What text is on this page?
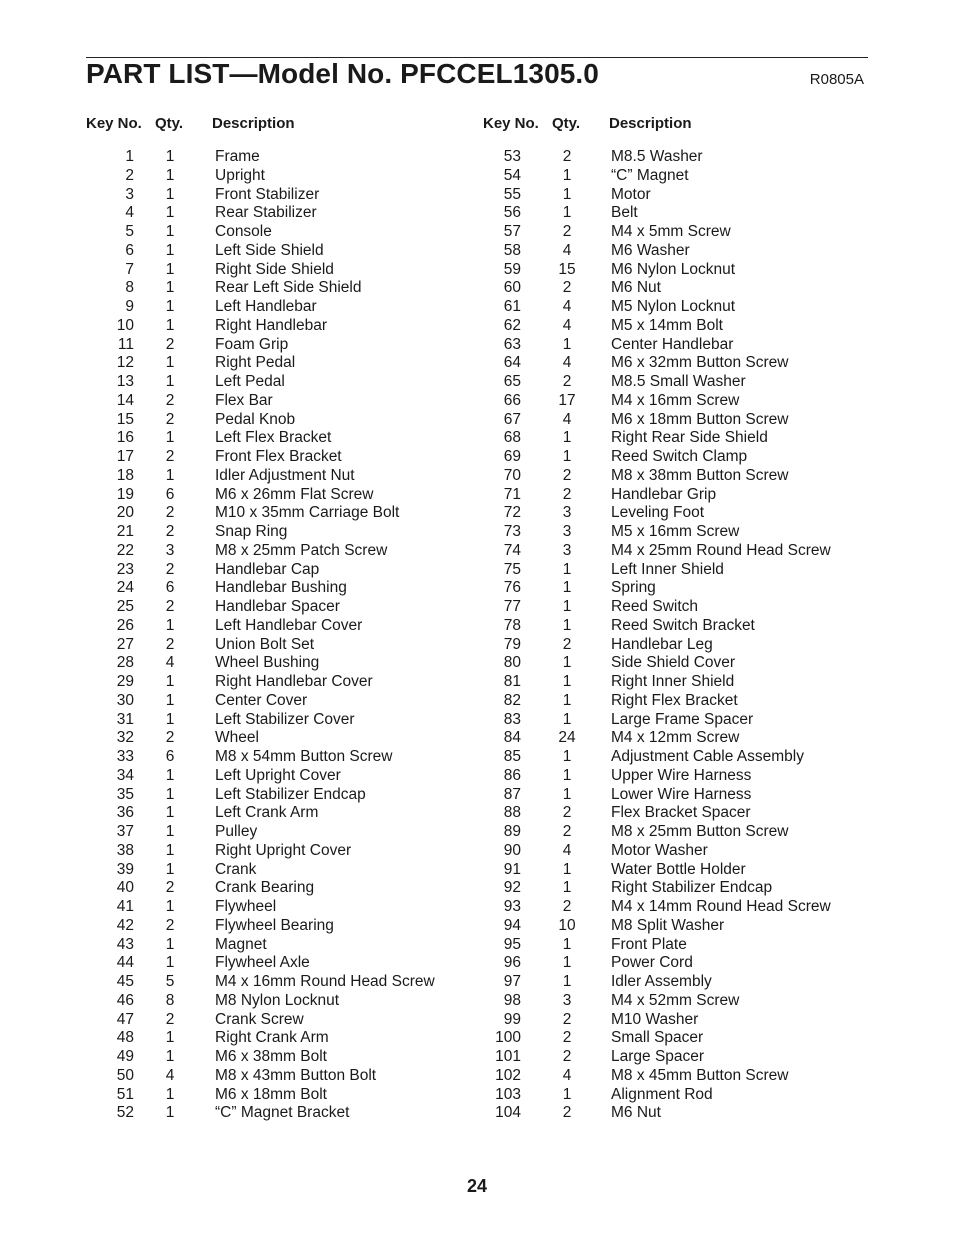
PART LIST—Model No. PFCCEL1305.0	R0805A
Key No. Qty. Description
1	1	Frame
2	1	Upright
3	1	Front Stabilizer
4	1	Rear Stabilizer
5	1	Console
6	1	Left Side Shield
7	1	Right Side Shield
8	1	Rear Left Side Shield
9	1	Left Handlebar
10	1	Right Handlebar
11	2	Foam Grip
12	1	Right Pedal
13	1	Left Pedal
14	2	Flex Bar
15	2	Pedal Knob
16	1	Left Flex Bracket
17	2	Front Flex Bracket
18	1	Idler Adjustment Nut
19	6	M6 x 26mm Flat Screw
20	2	M10 x 35mm Carriage Bolt
21	2	Snap Ring
22	3	M8 x 25mm Patch Screw
23	2	Handlebar Cap
24	6	Handlebar Bushing
25	2	Handlebar Spacer
26	1	Left Handlebar Cover
27	2	Union Bolt Set
28	4	Wheel Bushing
29	1	Right Handlebar Cover
30	1	Center Cover
31	1	Left Stabilizer Cover
32	2	Wheel
33	6	M8 x 54mm Button Screw
34	1	Left Upright Cover
35	1	Left Stabilizer Endcap
36	1	Left Crank Arm
37	1	Pulley
38	1	Right Upright Cover
39	1	Crank
40	2	Crank Bearing
41	1	Flywheel
42	2	Flywheel Bearing
43	1	Magnet
44	1	Flywheel Axle
45	5	M4 x 16mm Round Head Screw
46	8	M8 Nylon Locknut
47	2	Crank Screw
48	1	Right Crank Arm
49	1	M6 x 38mm Bolt
50	4	M8 x 43mm Button Bolt
51	1	M6 x 18mm Bolt
52	1	“C” Magnet Bracket
Key No. Qty. Description
53	2	M8.5 Washer
54	1	“C” Magnet
55	1	Motor
56	1	Belt
57	2	M4 x 5mm Screw
58	4	M6 Washer
59 15 M6 Nylon Locknut
60	2	M6 Nut
61	4	M5 Nylon Locknut
62	4	M5 x 14mm Bolt
63	1	Center Handlebar
64	4	M6 x 32mm Button Screw
65	2	M8.5 Small Washer
66 17 M4 x 16mm Screw
67	4	M6 x 18mm Button Screw
68	1	Right Rear Side Shield
69	1	Reed Switch Clamp
70	2	M8 x 38mm Button Screw
71	2	Handlebar Grip
72	3	Leveling Foot
73	3	M5 x 16mm Screw
74	3	M4 x 25mm Round Head Screw
75	1	Left Inner Shield
76	1	Spring
77	1	Reed Switch
78	1	Reed Switch Bracket
79	2	Handlebar Leg
80	1	Side Shield Cover
81	1	Right Inner Shield
82	1	Right Flex Bracket
83	1	Large Frame Spacer
84 24 M4 x 12mm Screw
85	1	Adjustment Cable Assembly
86	1	Upper Wire Harness
87	1	Lower Wire Harness
88	2	Flex Bracket Spacer
89	2	M8 x 25mm Button Screw
90	4	Motor Washer
91	1	Water Bottle Holder
92	1	Right Stabilizer Endcap
93	2	M4 x 14mm Round Head Screw
94 10 M8 Split Washer
95	1	Front Plate
96	1	Power Cord
97	1	Idler Assembly
98	3	M4 x 52mm Screw
99	2	M10 Washer
100	2	Small Spacer
101	2	Large Spacer
102	4	M8 x 45mm Button Screw
103	1	Alignment Rod
104	2	M6 Nut
24
